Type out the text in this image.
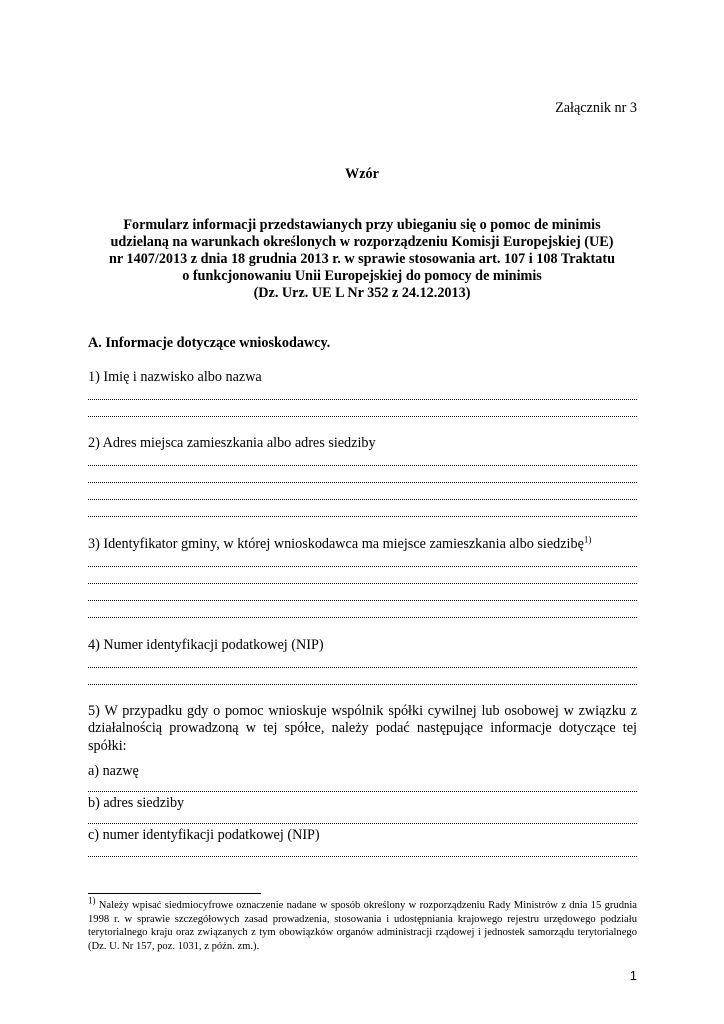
Załącznik nr 3
Wzór
Formularz informacji przedstawianych przy ubieganiu się o pomoc de minimis
udzielaną na warunkach określonych w rozporządzeniu Komisji Europejskiej (UE)
nr 1407/2013 z dnia 18 grudnia 2013 r. w sprawie stosowania art. 107 i 108 Traktatu
o funkcjonowaniu Unii Europejskiej do pomocy de minimis
(Dz. Urz. UE L Nr 352 z 24.12.2013)
A. Informacje dotyczące wnioskodawcy.
1) Imię i nazwisko albo nazwa
2) Adres miejsca zamieszkania albo adres siedziby
3) Identyfikator gminy, w której wnioskodawca ma miejsce zamieszkania albo siedzibę$^{1)}$
4) Numer identyfikacji podatkowej (NIP)
5) W przypadku gdy o pomoc wnioskuje wspólnik spółki cywilnej lub osobowej w związku z działalnością prowadzoną w tej spółce, należy podać następujące informacje dotyczące tej spółki:
a) nazwę
b) adres siedziby
c) numer identyfikacji podatkowej (NIP)
$^{1)}$ Należy wpisać siedmiocyfrowe oznaczenie nadane w sposób określony w rozporządzeniu Rady Ministrów z dnia 15 grudnia 1998 r. w sprawie szczegółowych zasad prowadzenia, stosowania i udostępniania krajowego rejestru urzędowego podziału terytorialnego kraju oraz związanych z tym obowiązków organów administracji rządowej i jednostek samorządu terytorialnego (Dz. U. Nr 157, poz. 1031, z późn. zm.).
1
